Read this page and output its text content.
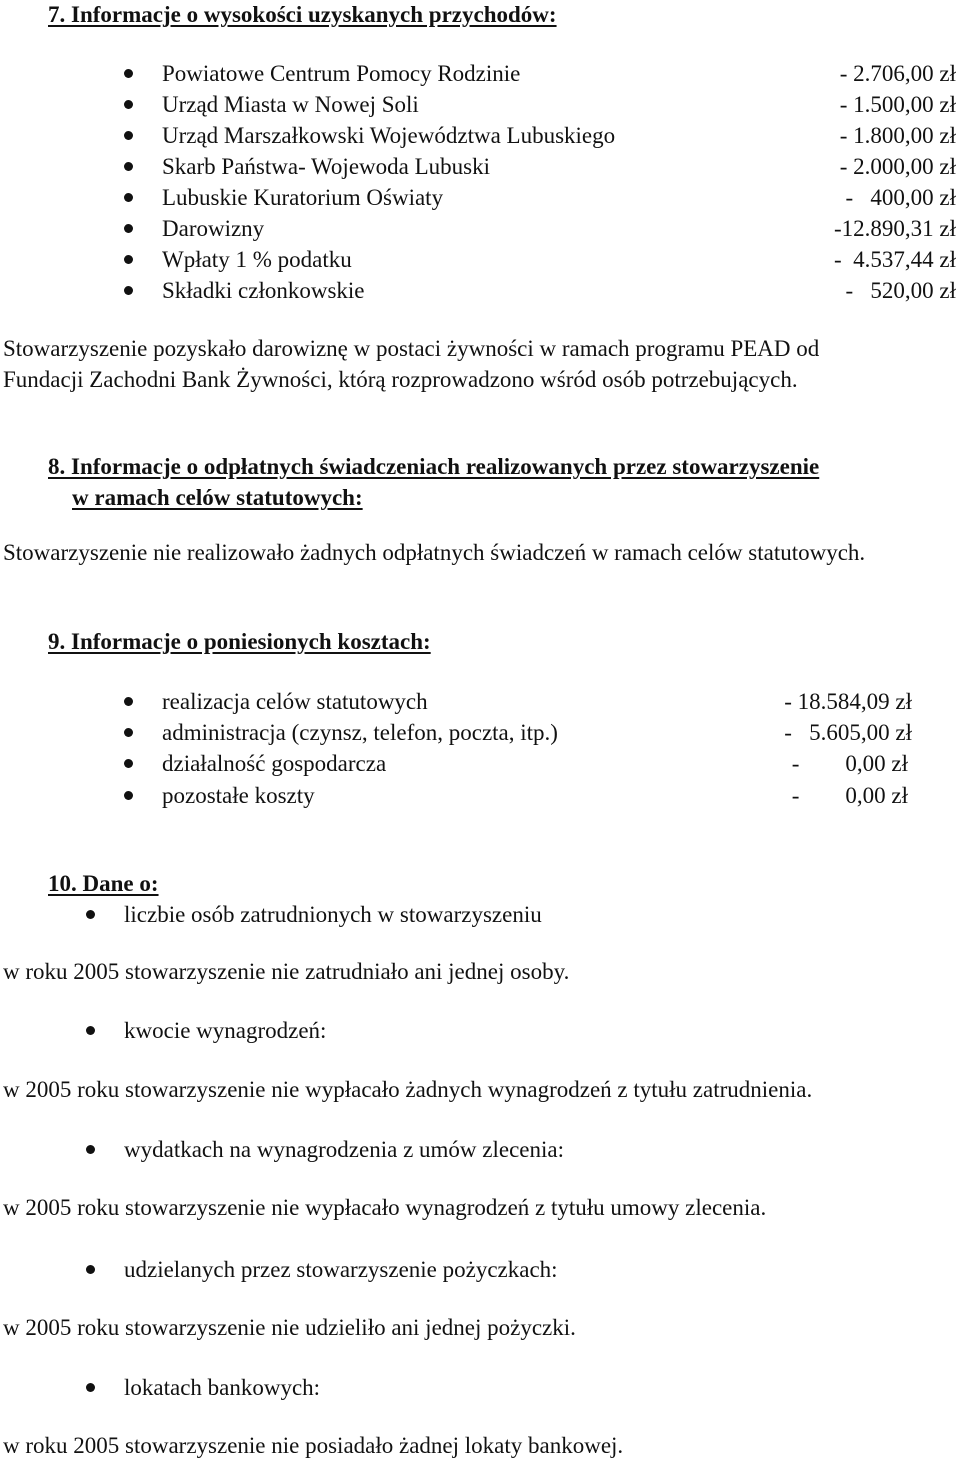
7. Informacje o wysokości uzyskanych przychodów:
Powiatowe Centrum Pomocy Rodzinie	- 2.706,00 zł
Urząd Miasta w Nowej Soli	- 1.500,00 zł
Urząd Marszałkowski Województwa Lubuskiego	- 1.800,00 zł
Skarb Państwa- Wojewoda Lubuski	- 2.000,00 zł
Lubuskie Kuratorium Oświaty	-   400,00 zł
Darowizny	-12.890,31 zł
Wpłaty 1 % podatku	-  4.537,44 zł
Składki członkowskie	-   520,00 zł
Stowarzyszenie pozyskało darowiznę w postaci żywności w ramach programu PEAD od
Fundacji Zachodni Bank Żywności, którą rozprowadzono wśród osób potrzebujących.
8. Informacje o odpłatnych świadczeniach realizowanych przez stowarzyszenie
w ramach celów statutowych:
Stowarzyszenie nie realizowało żadnych odpłatnych świadczeń w ramach celów statutowych.
9. Informacje o poniesionych kosztach:
realizacja celów statutowych	- 18.584,09 zł
administracja (czynsz, telefon, poczta, itp.)	-   5.605,00 zł
działalność gospodarcza	-        0,00 zł
pozostałe koszty	-        0,00 zł
10. Dane o:
liczbie osób zatrudnionych w stowarzyszeniu
w roku 2005 stowarzyszenie nie zatrudniało ani jednej osoby.
kwocie wynagrodzeń:
w 2005 roku stowarzyszenie nie wypłacało żadnych wynagrodzeń z tytułu zatrudnienia.
wydatkach na wynagrodzenia z umów zlecenia:
w 2005 roku stowarzyszenie nie wypłacało wynagrodzeń z tytułu umowy zlecenia.
udzielanych przez stowarzyszenie pożyczkach:
w 2005 roku stowarzyszenie nie udzieliło ani jednej pożyczki.
lokatach bankowych:
w roku 2005 stowarzyszenie nie posiadało żadnej lokaty bankowej.
